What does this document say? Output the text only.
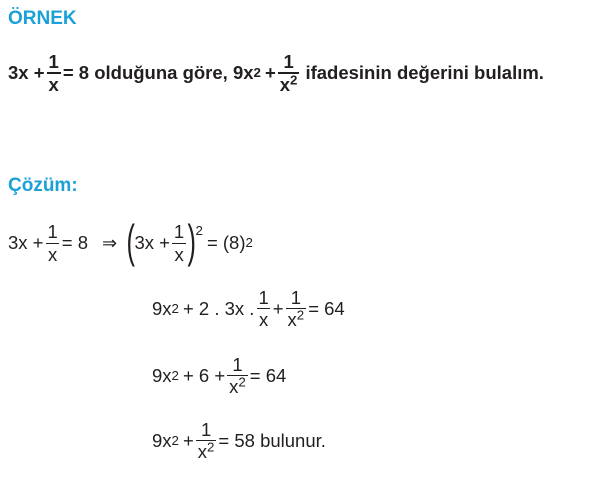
ÖRNEK
$3x + \frac{1}{x} = 8$ olduğuna göre, 9x $2 + \frac{1}{x^2}$ ifadesinin değerini bulalım.
Çözüm:
$3x + \frac{1}{x} = 8$ ⇒ ( $3x + \frac{1}{x} )^2$
= (8) 2
9x 2 + 2 . 3x . $\frac{1}{x} + \frac{1}{x^2} = 64$
9x $2 + 6 + \frac{1}{x^2} = 64$
9x $2 + \frac{1}{x^2} = 58$ bulunur.
